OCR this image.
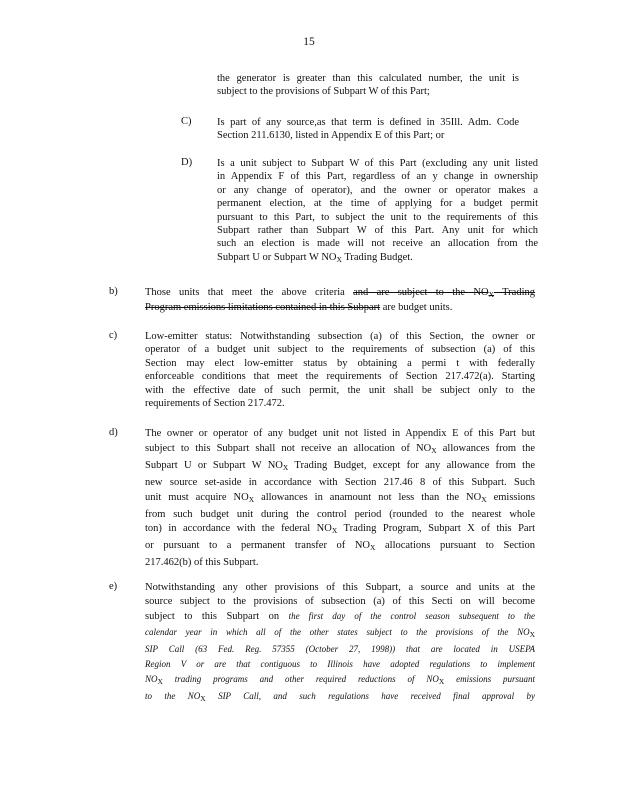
15
the generator is greater than this calculated number, the unit is
subject to the provisions of Subpart W of this Part;
C) Is part of any source,as that term is defined in 35Ill. Adm. Code
Section 211.6130, listed in Appendix E of this Part; or
D) Is a unit subject to Subpart W of this Part (excluding any unit listed
in Appendix F of this Part, regardless of an y change in ownership
or any change of operator), and the owner or operator makes a
permanent election, at the time of applying for a budget permit
pursuant to this Part, to subject the unit to the requirements of this
Subpart rather than Subpart W of this Part. Any unit for which
such an election is made will not receive an allocation from the
Subpart U or Subpart W $NO_X$ Trading Budget.
b)	Those units that meet the above criteria and are subject to the $NO_X$ Trading
Program emissions limitations contained in this Subpart are budget units.
c)	Low-emitter status: Notwithstanding subsection (a) of this Section, the owner or
operator of a budget unit subject to the requirements of subsection (a) of this
Section may elect low-emitter status by obtaining a permi t with federally
enforceable conditions that meet the requirements of Section 217.472(a). Starting
with the effective date of such permit, the unit shall be subject only to the
requirements of Section 217.472.
d)	The owner or operator of any budget unit not listed in Appendix E of this Part but
subject to this Subpart shall not receive an allocation of $NO_X$ allowances from the
Subpart U or Subpart W $NO_X$ Trading Budget, except for any allowance from the
new source set-aside in accordance with Section 217.46 8 of this Subpart. Such
unit must acquire $NO_X$ allowances in anamount not less than the $NO_X$ emissions
from such budget unit during the control period (rounded to the nearest whole
ton) in accordance with the federal $NO_X$ Trading Program, Subpart X of this Part
or pursuant to a permanent transfer of $NO_X$ allocations pursuant to Section
217.462(b) of this Subpart.
e)	Notwithstanding any other provisions of this Subpart, a source and units at the
source subject to the provisions of subsection (a) of this Secti on will become
subject to this Subpart on the first day of the control season subsequent to the
calendar year in which all of the other states subject to the provisions of the $NO_X$
SIP Call (63 Fed. Reg. 57355 (October 27, 1998)) that are located in USEPA
Region V or are that contiguous to Illinois have adopted regulations to implement
$NO_X$ trading programs and other required reductions of $NO_X$ emissions pursuant
to the $NO_X$ SIP Call, and such regulations have received final approval by
